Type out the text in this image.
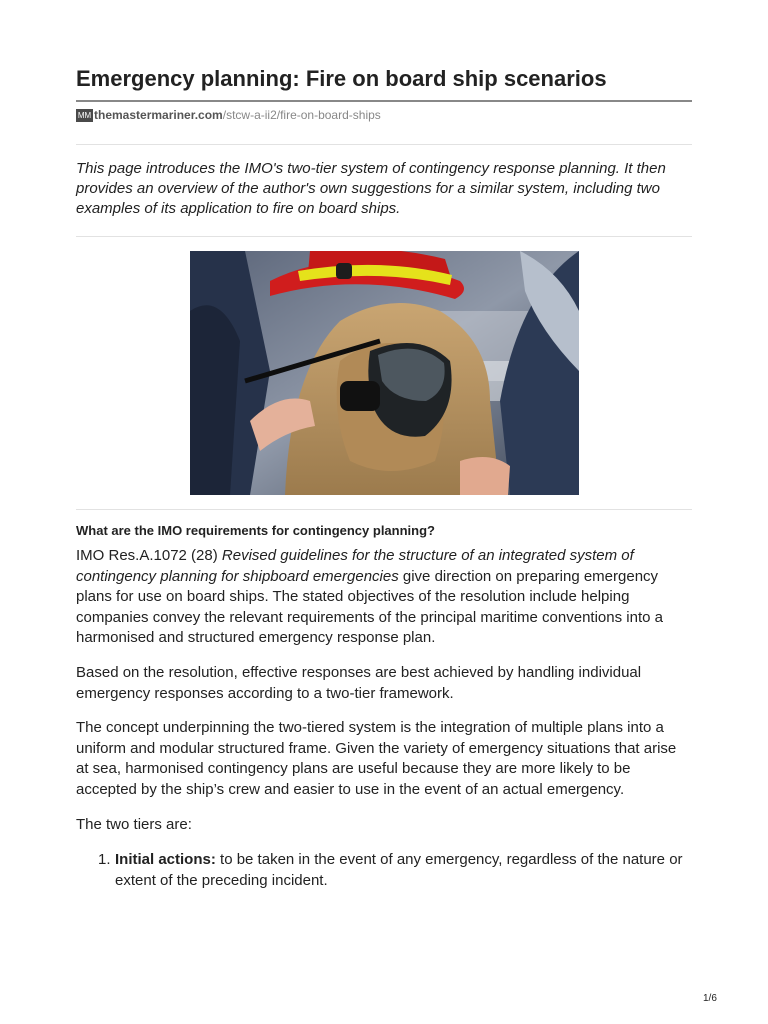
Emergency planning: Fire on board ship scenarios
MM themastermariner.com/stcw-a-ii2/fire-on-board-ships

This page introduces the IMO's two-tier system of contingency response planning. It then provides an overview of the author's own suggestions for a similar system, including two examples of its application to fire on board ships.

What are the IMO requirements for contingency planning?

IMO Res.A.1072 (28) Revised guidelines for the structure of an integrated system of contingency planning for shipboard emergencies give direction on preparing emergency plans for use on board ships. The stated objectives of the resolution include helping companies convey the relevant requirements of the principal maritime conventions into a harmonised and structured emergency response plan.

Based on the resolution, effective responses are best achieved by handling individual emergency responses according to a two-tier framework.

The concept underpinning the two-tiered system is the integration of multiple plans into a uniform and modular structured frame. Given the variety of emergency situations that arise at sea, harmonised contingency plans are useful because they are more likely to be accepted by the ship’s crew and easier to use in the event of an actual emergency.

The two tiers are:

1. Initial actions: to be taken in the event of any emergency, regardless of the nature or extent of the preceding incident.
1/6
